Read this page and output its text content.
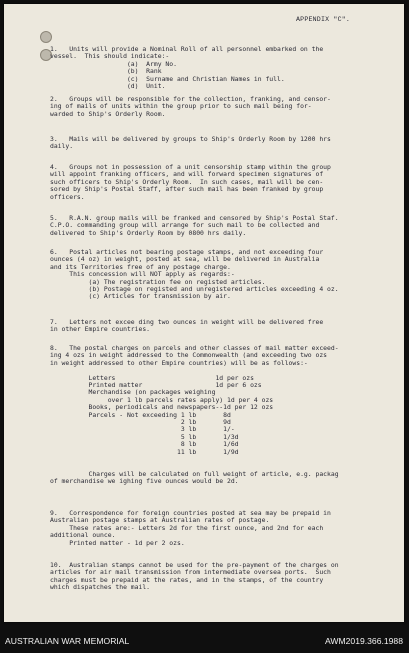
APPENDIX "C".
1.   Units will provide a Nominal Roll of all personnel embarked on the
vessel.  This should indicate:-
(a)  Army No.
(b)  Rank
(c)  Surname and Christian Names in full.
(d)  Unit.
2.   Groups will be responsible for the collection, franking, and censor-
ing of mails of units within the group prior to such mail being for-
warded to Ship's Orderly Room.
3.   Mails will be delivered by groups to Ship's Orderly Room by 1200 hrs
daily.
4.   Groups not in possession of a unit censorship stamp within the group
will appoint franking officers, and will forward specimen signatures of
such officers to Ship's Orderly Room.  In such cases, mail will be cen-
sored by Ship's Postal Staff, after such mail has been franked by group
officers.
5.   R.A.N. group mails will be franked and censored by Ship's Postal Staf.
C.P.O. commanding group will arrange for such mail to be collected and
delivered to Ship's Orderly Room by 0800 hrs daily.
6.   Postal articles not bearing postage stamps, and not exceeding four
ounces (4 oz) in weight, posted at sea, will be delivered in Australia
and its Territories free of any postage charge.
This concession will NOT apply as regards:-
(a) The registration fee on registed articles.
(b) Postage on registed and unregistered articles exceeding 4 oz.
(c) Articles for transmission by air.
7.   Letters not excee ding two ounces in weight will be delivered free
in other Empire countries.
8.   The postal charges on parcels and other classes of mail matter exceed-
ing 4 ozs in weight addressed to the Commonwealth (and exceeding two ozs
in weight addressed to other Empire countries) will be as follows:-

Letters                          1d per ozs
Printed matter                   1d per 6 ozs
Merchandise (on packages weighing
over 1 lb parcels rates apply) 1d per 4 ozs
Books, periodicals and newspapers--1d per 12 ozs
Parcels - Not exceeding 1 lb       8d
2 lb       9d
3 lb       1/-
5 lb       1/3d
8 lb       1/6d
11 lb       1/9d

Charges will be calculated on full weight of article, e.g. packag
of merchandise we ighing five ounces would be 2d.
9.   Correspondence for foreign countries posted at sea may be prepaid in
Australian postage stamps at Australian rates of postage.
These rates are:- Letters 2d for the first ounce, and 2nd for each
additional ounce.
Printed matter - 1d per 2 ozs.
10.  Australian stamps cannot be used for the pre-payment of the charges on
articles for air mail transmission from intermediate oversea ports.  Such
charges must be prepaid at the rates, and in the stamps, of the country
which dispatches the mail.
AUSTRALIAN WAR MEMORIAL	AWM2019.366.1988
